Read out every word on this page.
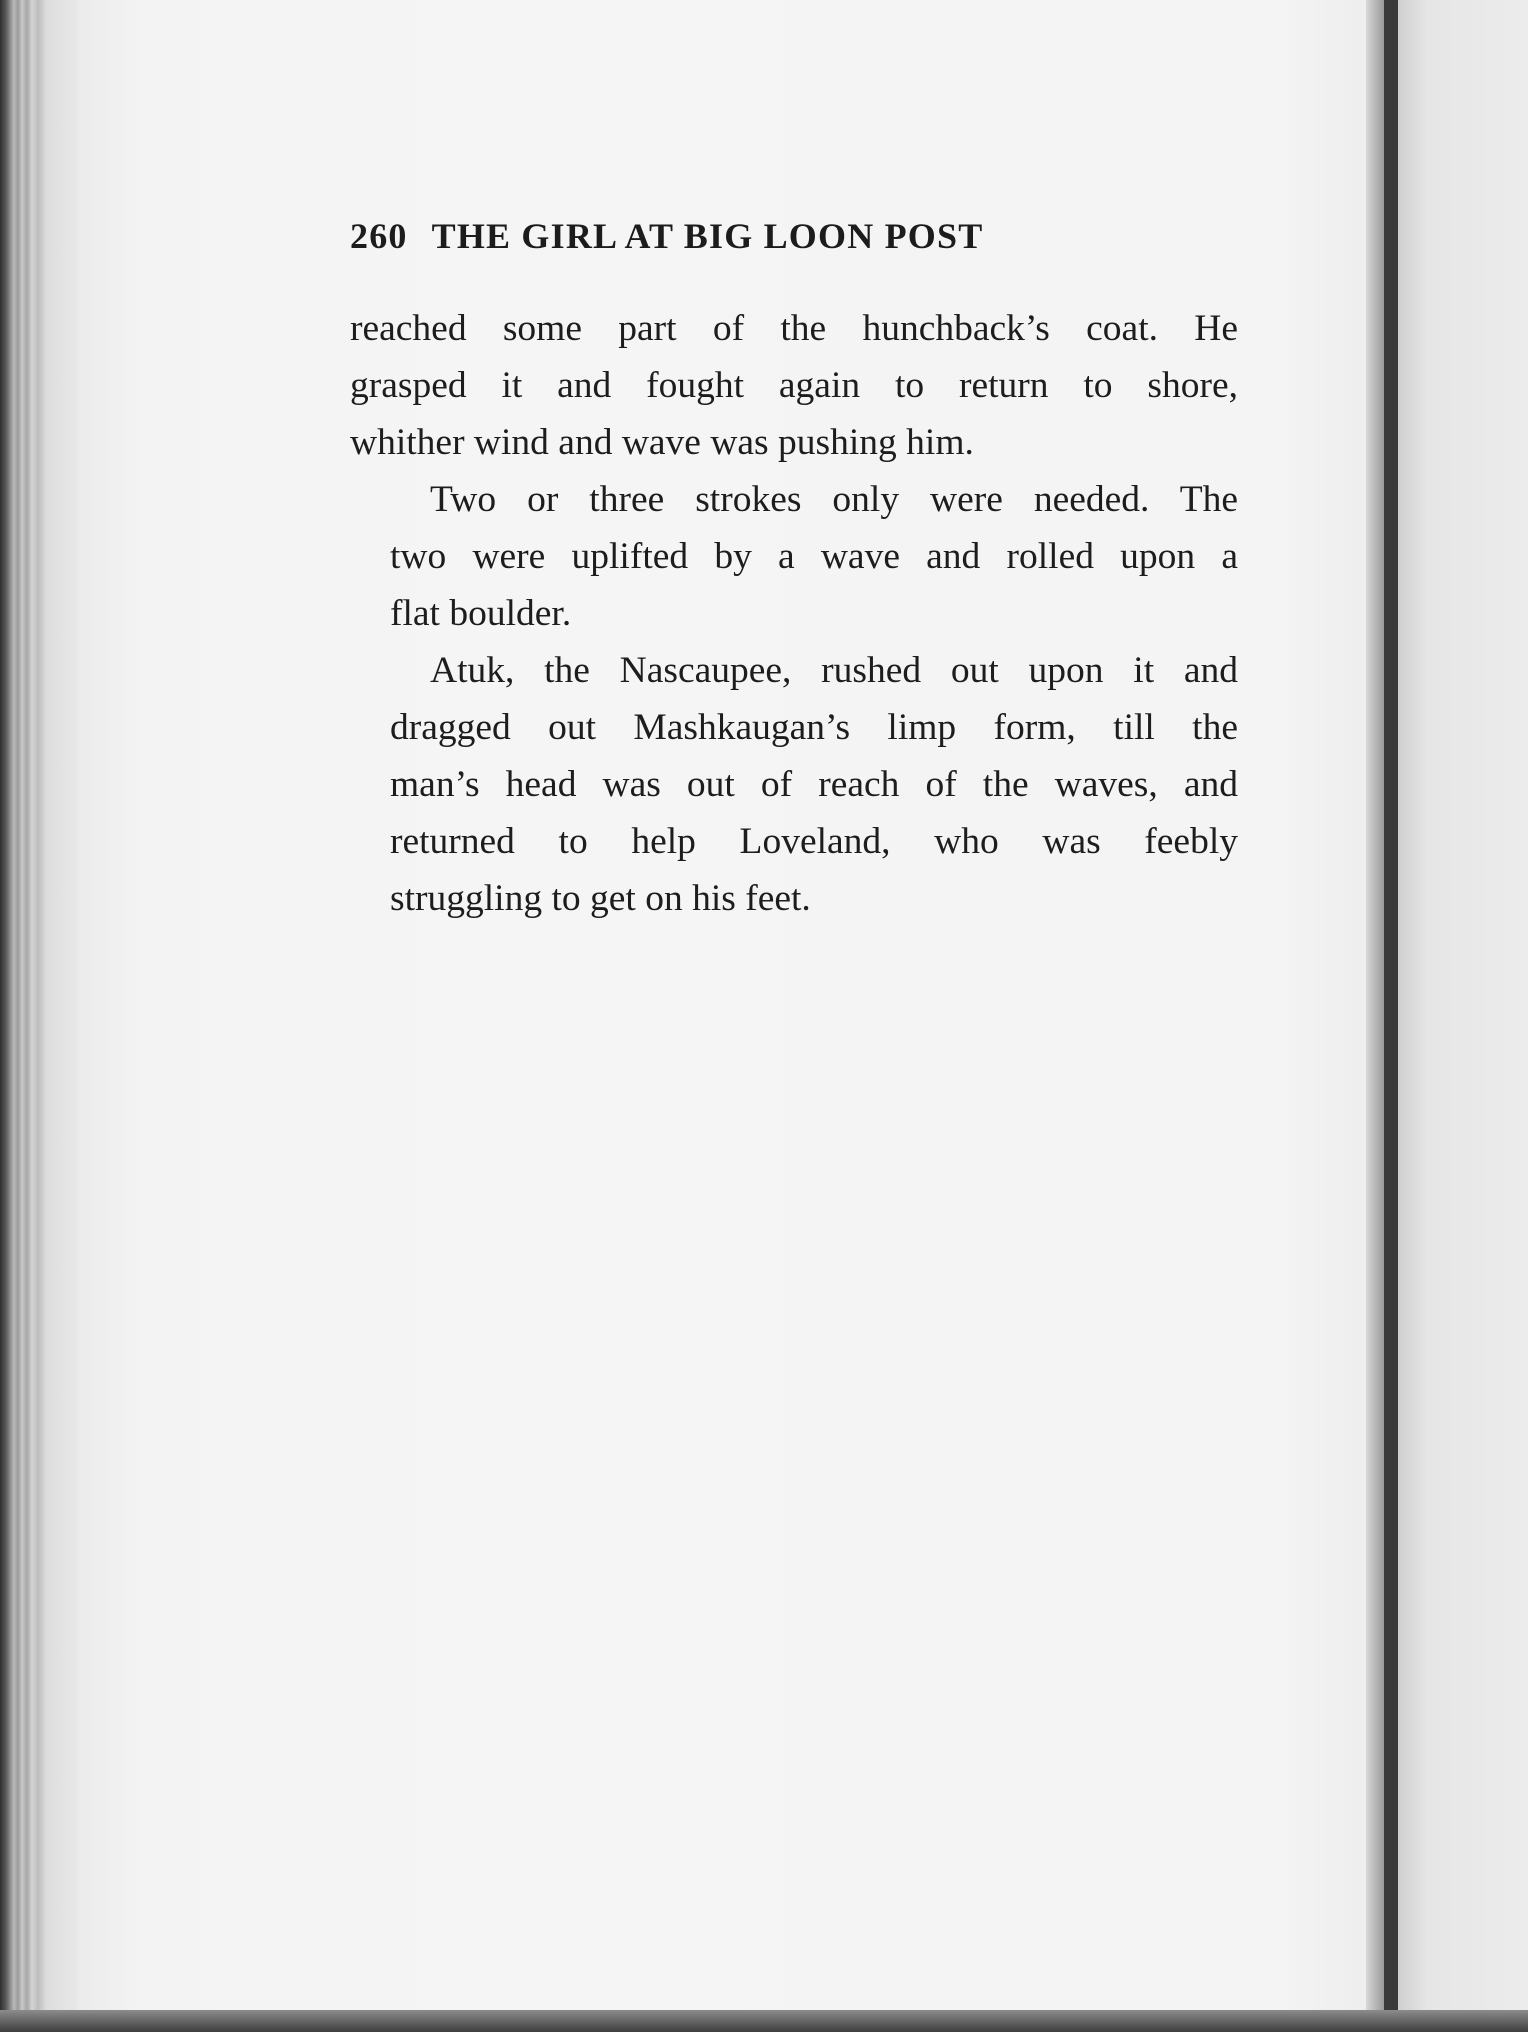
260 THE GIRL AT BIG LOON POST
reached some part of the hunchback’s coat. He
grasped it and fought again to return to shore,
whither wind and wave was pushing him.
Two or three strokes only were needed. The
two were uplifted by a wave and rolled upon a
flat boulder.
Atuk, the Nascaupee, rushed out upon it and
dragged out Mashkaugan’s limp form, till the
man’s head was out of reach of the waves, and
returned to help Loveland, who was feebly
struggling to get on his feet.
